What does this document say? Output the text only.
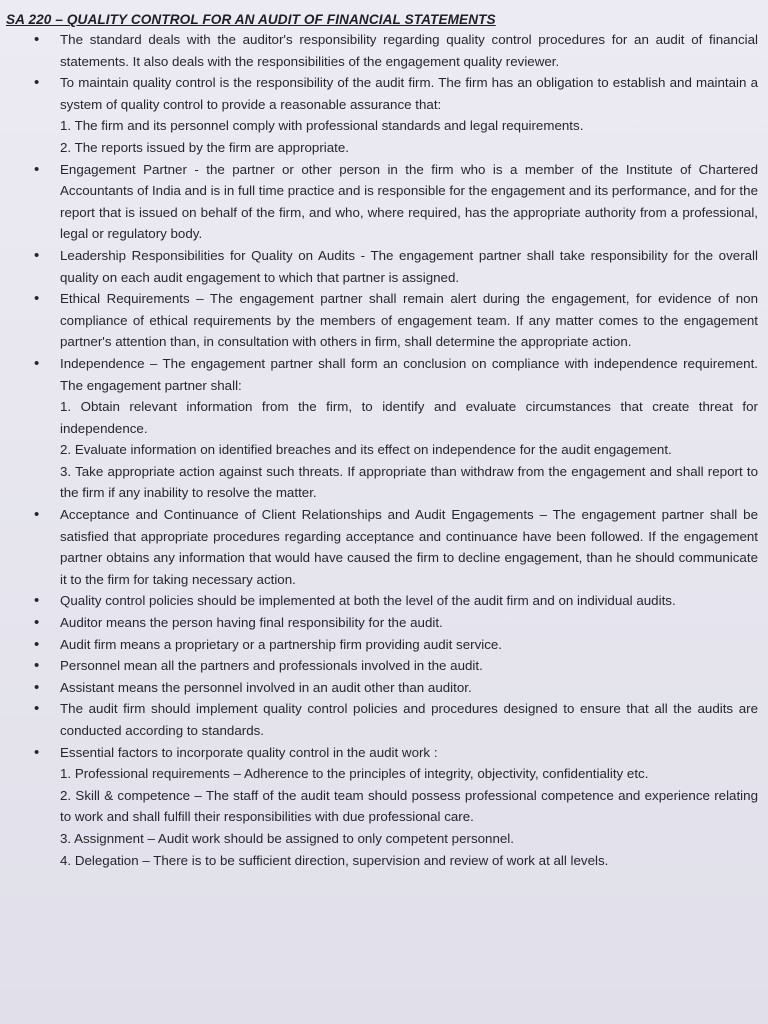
SA 220 – QUALITY CONTROL FOR AN AUDIT OF FINANCIAL STATEMENTS
• The standard deals with the auditor's responsibility regarding quality control procedures for an audit of financial statements. It also deals with the responsibilities of the engagement quality reviewer.
• To maintain quality control is the responsibility of the audit firm. The firm has an obligation to establish and maintain a system of quality control to provide a reasonable assurance that:
1. The firm and its personnel comply with professional standards and legal requirements.
2. The reports issued by the firm are appropriate.
• Engagement Partner - the partner or other person in the firm who is a member of the Institute of Chartered Accountants of India and is in full time practice and is responsible for the engagement and its performance, and for the report that is issued on behalf of the firm, and who, where required, has the appropriate authority from a professional, legal or regulatory body.
• Leadership Responsibilities for Quality on Audits - The engagement partner shall take responsibility for the overall quality on each audit engagement to which that partner is assigned.
• Ethical Requirements – The engagement partner shall remain alert during the engagement, for evidence of non compliance of ethical requirements by the members of engagement team. If any matter comes to the engagement partner's attention than, in consultation with others in firm, shall determine the appropriate action.
• Independence – The engagement partner shall form an conclusion on compliance with independence requirement. The engagement partner shall:
1. Obtain relevant information from the firm, to identify and evaluate circumstances that create threat for independence.
2. Evaluate information on identified breaches and its effect on independence for the audit engagement.
3. Take appropriate action against such threats. If appropriate than withdraw from the engagement and shall report to the firm if any inability to resolve the matter.
• Acceptance and Continuance of Client Relationships and Audit Engagements – The engagement partner shall be satisfied that appropriate procedures regarding acceptance and continuance have been followed. If the engagement partner obtains any information that would have caused the firm to decline engagement, than he should communicate it to the firm for taking necessary action.
• Quality control policies should be implemented at both the level of the audit firm and on individual audits.
• Auditor means the person having final responsibility for the audit.
• Audit firm means a proprietary or a partnership firm providing audit service.
• Personnel mean all the partners and professionals involved in the audit.
• Assistant means the personnel involved in an audit other than auditor.
• The audit firm should implement quality control policies and procedures designed to ensure that all the audits are conducted according to standards.
• Essential factors to incorporate quality control in the audit work :
1. Professional requirements – Adherence to the principles of integrity, objectivity, confidentiality etc.
2. Skill & competence – The staff of the audit team should possess professional competence and experience relating to work and shall fulfill their responsibilities with due professional care.
3. Assignment – Audit work should be assigned to only competent personnel.
4. Delegation – There is to be sufficient direction, supervision and review of work at all levels.
